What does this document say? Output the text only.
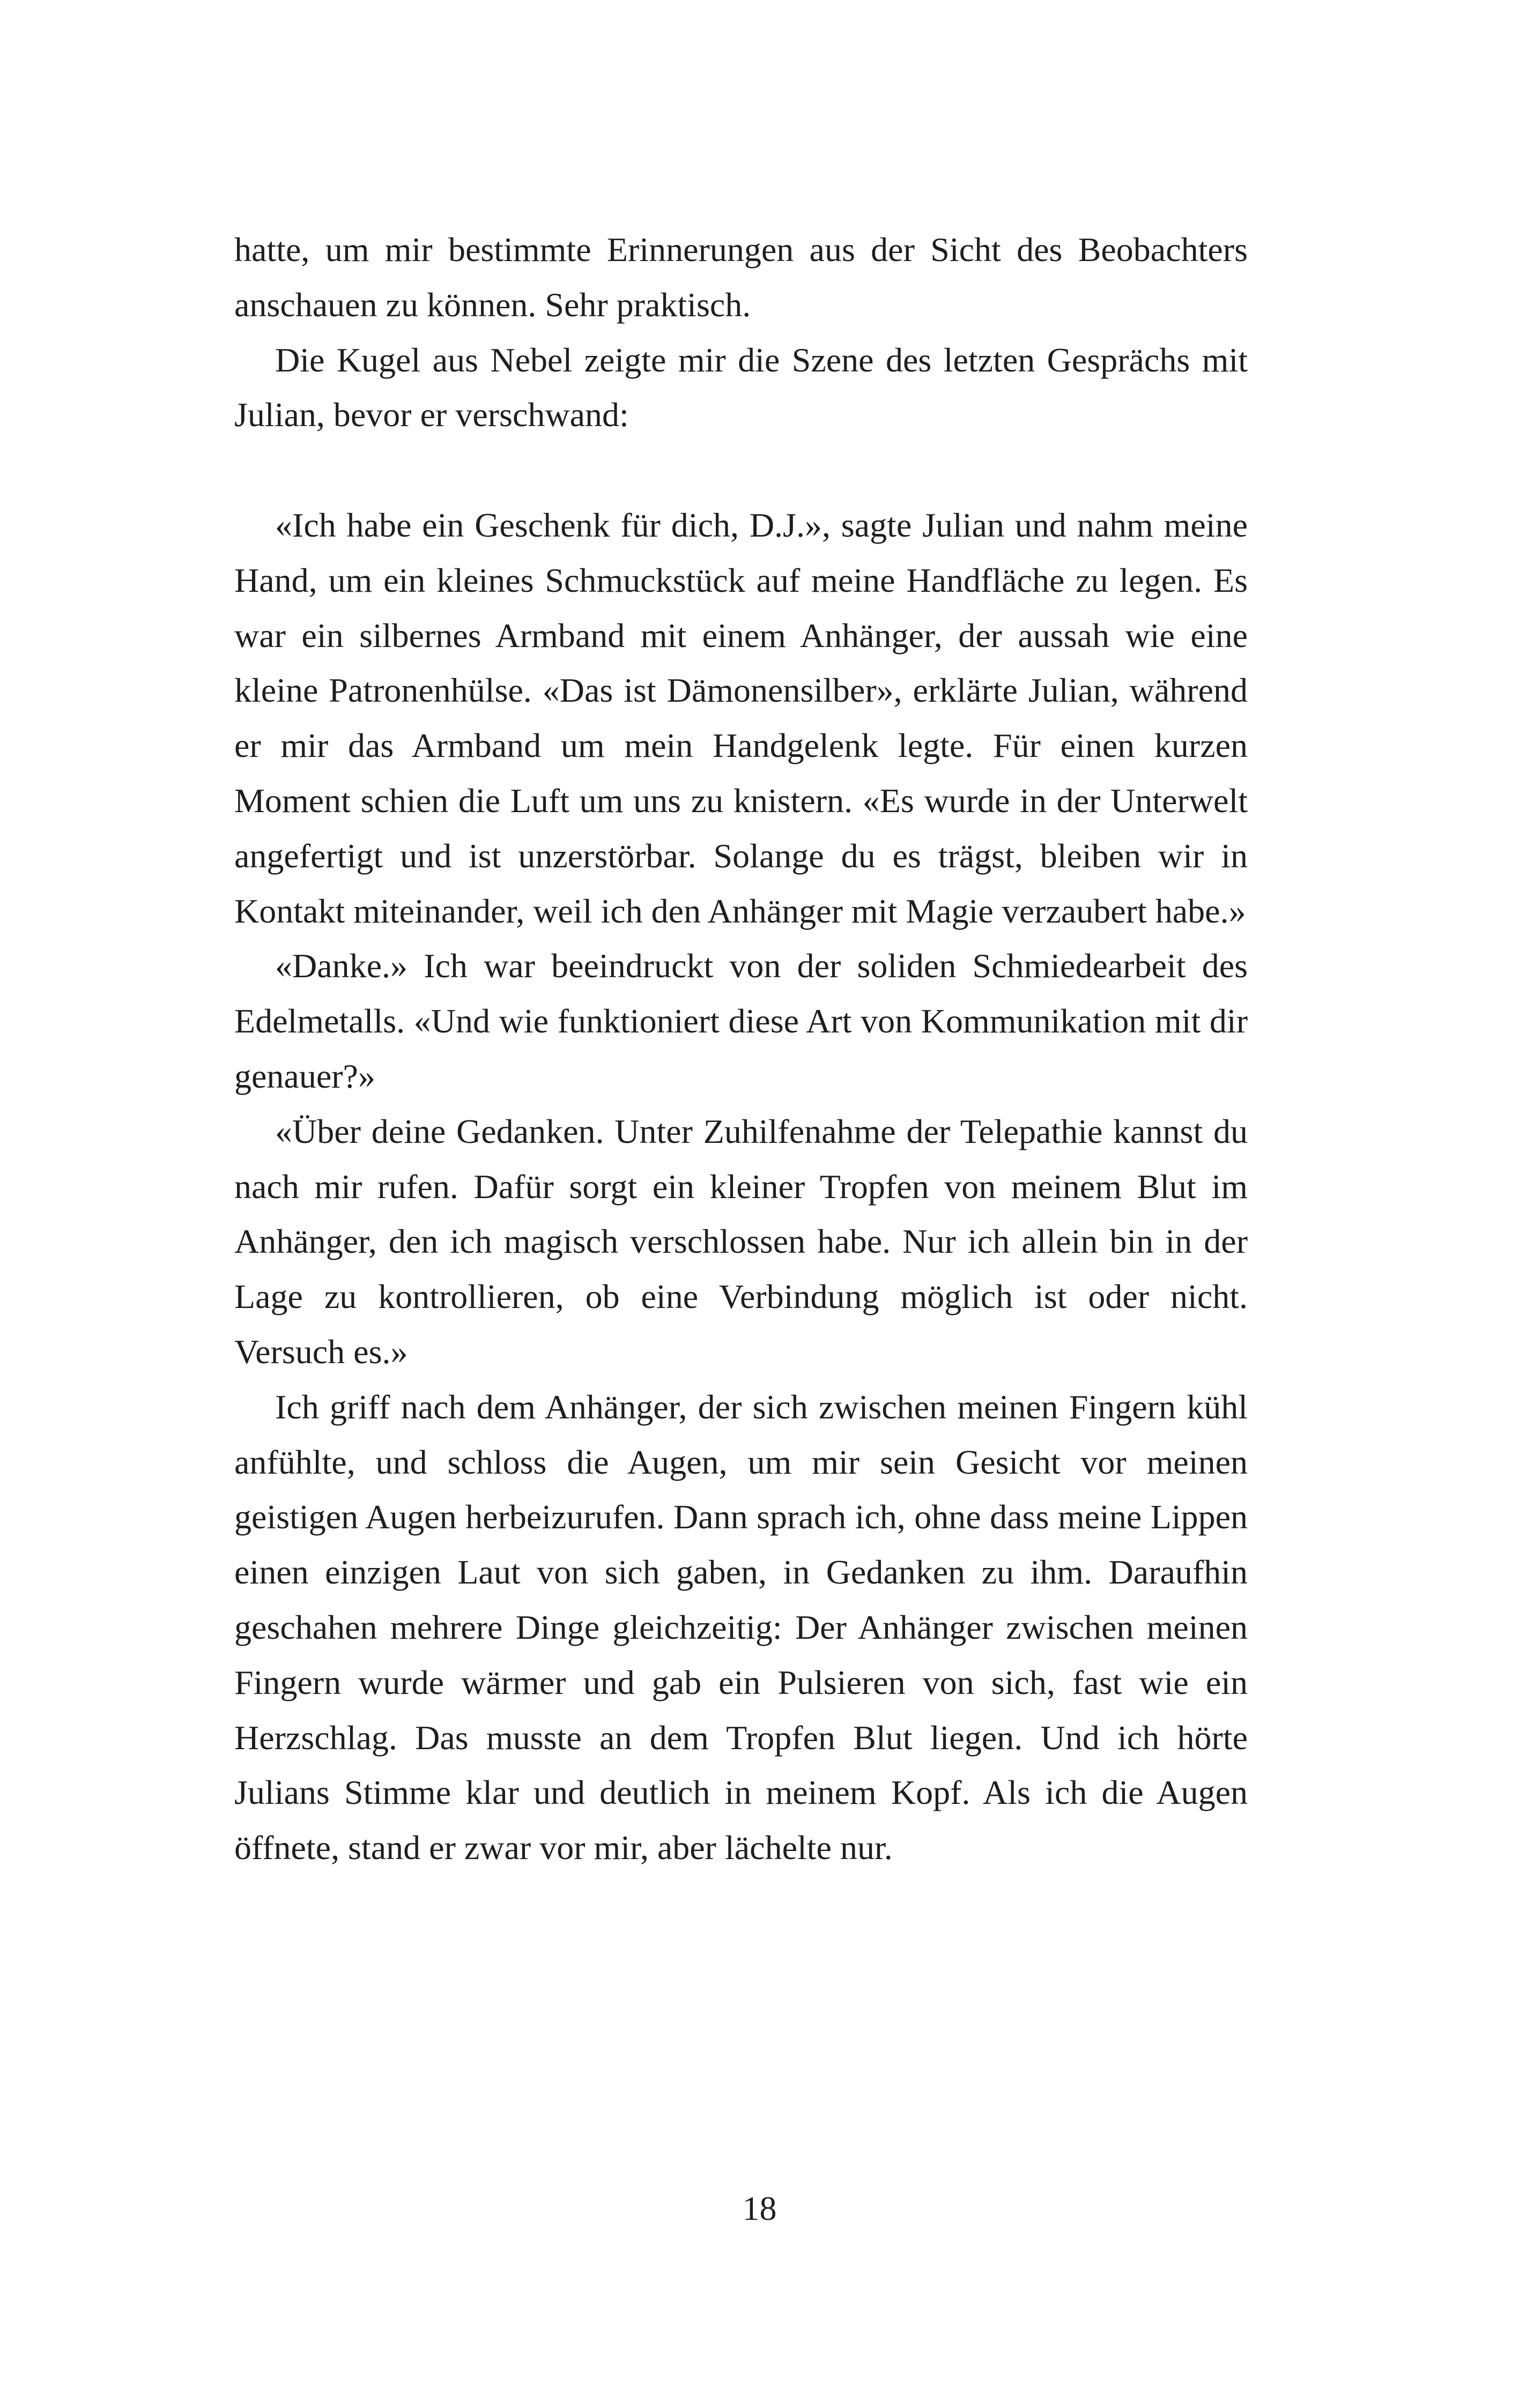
hatte, um mir bestimmte Erinnerungen aus der Sicht des Beobachters anschauen zu können. Sehr praktisch.

Die Kugel aus Nebel zeigte mir die Szene des letzten Gesprächs mit Julian, bevor er verschwand:

«Ich habe ein Geschenk für dich, D.J.», sagte Julian und nahm meine Hand, um ein kleines Schmuckstück auf meine Handfläche zu legen. Es war ein silbernes Armband mit einem Anhänger, der aussah wie eine kleine Patronenhülse. «Das ist Dämonensilber», erklärte Julian, während er mir das Armband um mein Handgelenk legte. Für einen kurzen Moment schien die Luft um uns zu knistern. «Es wurde in der Unterwelt angefertigt und ist unzerstörbar. Solange du es trägst, bleiben wir in Kontakt miteinander, weil ich den Anhänger mit Magie verzaubert habe.»

«Danke.» Ich war beeindruckt von der soliden Schmiedearbeit des Edelmetalls. «Und wie funktioniert diese Art von Kommunikation mit dir genauer?»

«Über deine Gedanken. Unter Zuhilfenahme der Telepathie kannst du nach mir rufen. Dafür sorgt ein kleiner Tropfen von meinem Blut im Anhänger, den ich magisch verschlossen habe. Nur ich allein bin in der Lage zu kontrollieren, ob eine Verbindung möglich ist oder nicht. Versuch es.»

Ich griff nach dem Anhänger, der sich zwischen meinen Fingern kühl anfühlte, und schloss die Augen, um mir sein Gesicht vor meinen geistigen Augen herbeizurufen. Dann sprach ich, ohne dass meine Lippen einen einzigen Laut von sich gaben, in Gedanken zu ihm. Daraufhin geschahen mehrere Dinge gleichzeitig: Der Anhänger zwischen meinen Fingern wurde wärmer und gab ein Pulsieren von sich, fast wie ein Herzschlag. Das musste an dem Tropfen Blut liegen. Und ich hörte Julians Stimme klar und deutlich in meinem Kopf. Als ich die Augen öffnete, stand er zwar vor mir, aber lächelte nur.

18
